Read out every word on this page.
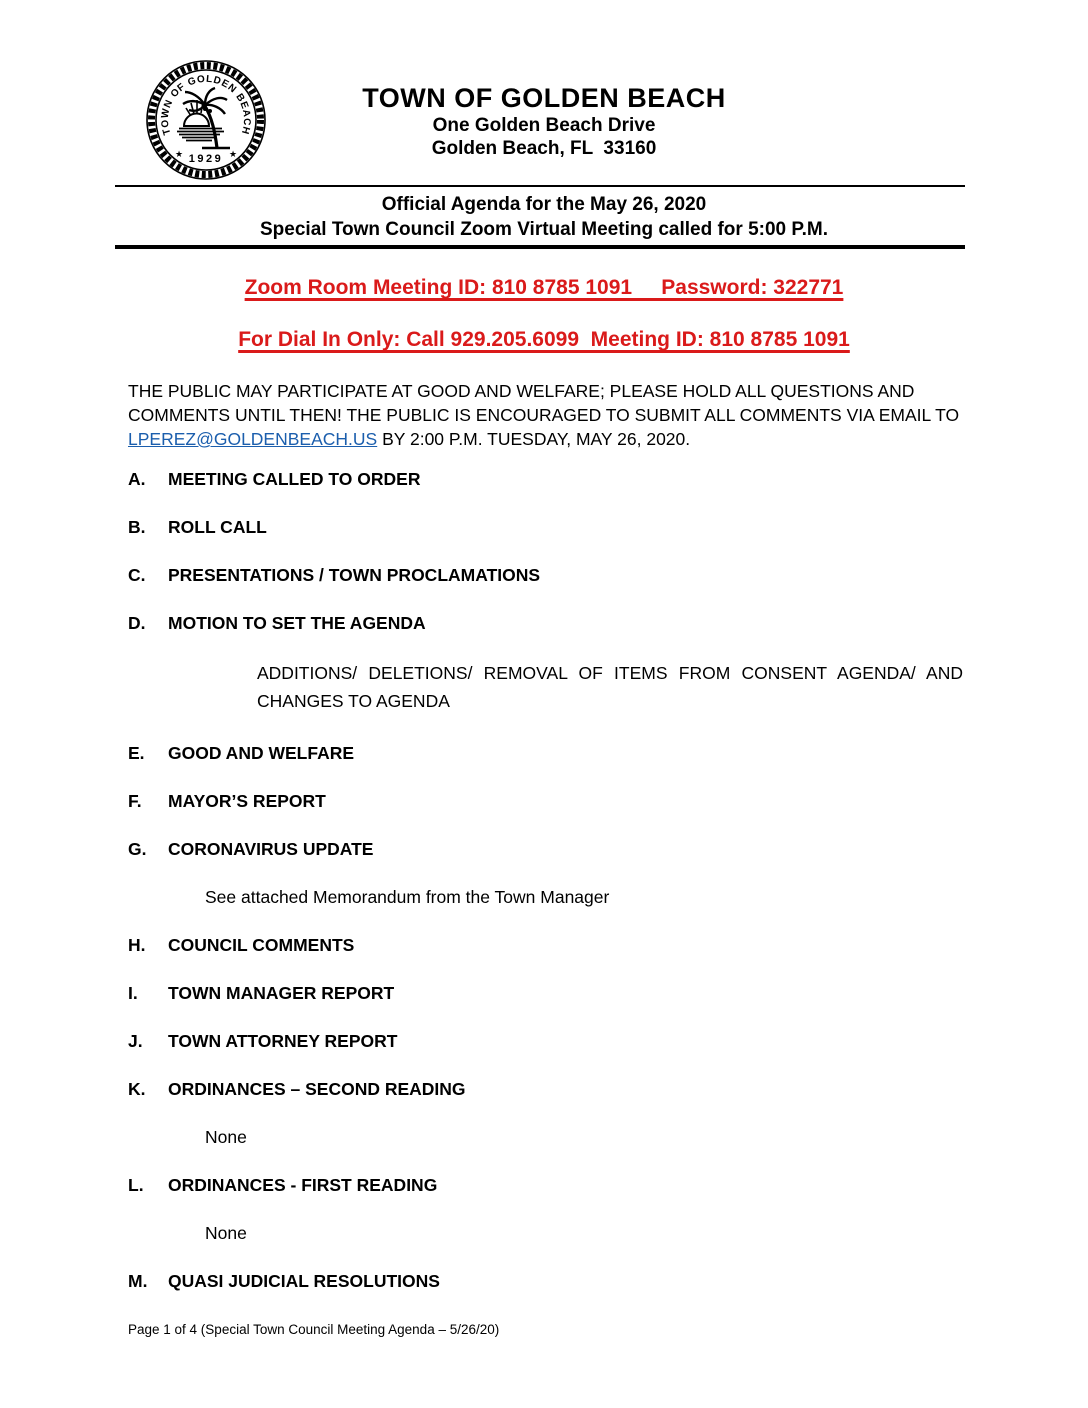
TOWN OF GOLDEN BEACH
★	★
1929
TOWN OF GOLDEN BEACH
One Golden Beach Drive
Golden Beach, FL  33160
Official Agenda for the May 26, 2020
Special Town Council Zoom Virtual Meeting called for 5:00 P.M.
Zoom Room Meeting ID: 810 8785 1091     Password: 322771
For Dial In Only: Call 929.205.6099  Meeting ID: 810 8785 1091

THE PUBLIC MAY PARTICIPATE AT GOOD AND WELFARE; PLEASE HOLD ALL QUESTIONS AND COMMENTS UNTIL THEN! THE PUBLIC IS ENCOURAGED TO SUBMIT ALL COMMENTS VIA EMAIL TO LPEREZ@GOLDENBEACH.US BY 2:00 P.M. TUESDAY, MAY 26, 2020.

A.	MEETING CALLED TO ORDER
B.	ROLL CALL
C.	PRESENTATIONS / TOWN PROCLAMATIONS
D.	MOTION TO SET THE AGENDA
ADDITIONS/ DELETIONS/ REMOVAL OF ITEMS FROM CONSENT AGENDA/ AND CHANGES TO AGENDA
E.	GOOD AND WELFARE
F.	MAYOR’S REPORT
G.	CORONAVIRUS UPDATE
See attached Memorandum from the Town Manager
H.	COUNCIL COMMENTS
I.	TOWN MANAGER REPORT
J.	TOWN ATTORNEY REPORT
K.	ORDINANCES – SECOND READING
None
L.	ORDINANCES - FIRST READING
None
M.	QUASI JUDICIAL RESOLUTIONS
Page 1 of 4 (Special Town Council Meeting Agenda – 5/26/20)
